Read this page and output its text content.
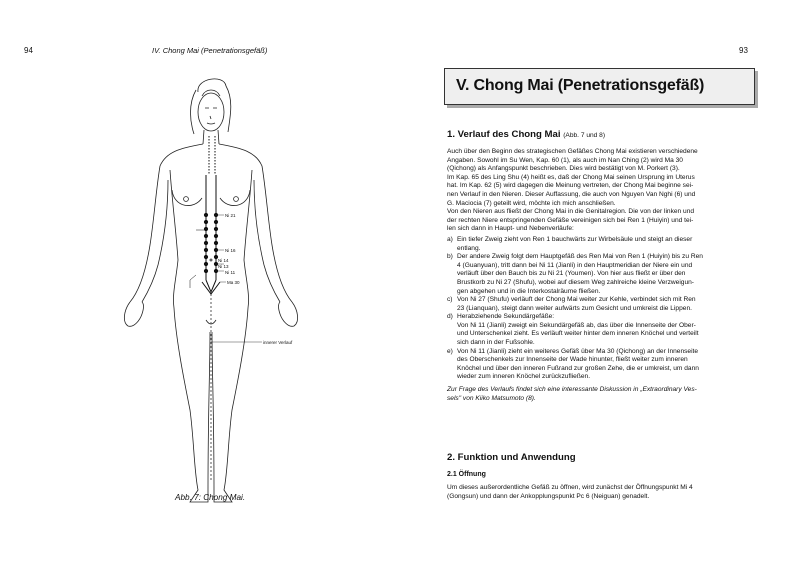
94	IV. Chong Mai (Penetrationsgefäß)
Ni 21
Ni 16
Ni 14
Ni 13
Ni 11
Ma 30
innerer Verlauf
Abb. 7: Chong Mai.
93
V. Chong Mai (Penetrationsgefäß)
1. Verlauf des Chong Mai (Abb. 7 und 8)

Auch über den Beginn des strategischen Gefäßes Chong Mai existieren verschiedene

Angaben. Sowohl im Su Wen, Kap. 60 (1), als auch im Nan Ching (2) wird Ma 30

(Qichong) als Anfangspunkt beschrieben. Dies wird bestätigt von M. Porkert (3).

Im Kap. 65 des Ling Shu (4) heißt es, daß der Chong Mai seinen Ursprung im Uterus

hat. Im Kap. 62 (5) wird dagegen die Meinung vertreten, der Chong Mai beginne sei-

nen Verlauf in den Nieren. Dieser Auffassung, die auch von Nguyen Van Nghi (6) und

G. Maciocia (7) geteilt wird, möchte ich mich anschließen.

Von den Nieren aus fließt der Chong Mai in die Genitalregion. Die von der linken und

der rechten Niere entspringenden Gefäße vereinigen sich bei Ren 1 (Huiyin) und tei-

len sich dann in Haupt- und Nebenverläufe:

a) Ein tiefer Zweig zieht von Ren 1 bauchwärts zur Wirbelsäule und steigt an dieser

entlang.

b) Der andere Zweig folgt dem Hauptgefäß des Ren Mai von Ren 1 (Huiyin) bis zu Ren

4 (Guanyuan), tritt dann bei Ni 11 (Jianli) in den Hauptmeridian der Niere ein und

verläuft über den Bauch bis zu Ni 21 (Youmen). Von hier aus fließt er über den

Brustkorb zu Ni 27 (Shufu), wobei auf diesem Weg zahlreiche kleine Verzweigun-

gen abgehen und in die Interkostalräume fließen.

c) Von Ni 27 (Shufu) verläuft der Chong Mai weiter zur Kehle, verbindet sich mit Ren

23 (Lianquan), steigt dann weiter aufwärts zum Gesicht und umkreist die Lippen.

d) Herabziehende Sekundärgefäße:

Von Ni 11 (Jianli) zweigt ein Sekundärgefäß ab, das über die Innenseite der Ober-

und Unterschenkel zieht. Es verläuft weiter hinter dem inneren Knöchel und verteilt

sich dann in der Fußsohle.

e) Von Ni 11 (Jianli) zieht ein weiteres Gefäß über Ma 30 (Qichong) an der Innenseite

des Oberschenkels zur Innenseite der Wade hinunter, fließt weiter zum inneren

Knöchel und über den inneren Fußrand zur großen Zehe, die er umkreist, um dann

wieder zum inneren Knöchel zurückzufließen.

Zur Frage des Verlaufs findet sich eine interessante Diskussion in „Extraordinary Ves-

sels" von Kiiko Matsumoto (8).

2. Funktion und Anwendung
2.1 Öffnung

Um dieses außerordentliche Gefäß zu öffnen, wird zunächst der Öffnungspunkt Mi 4

(Gongsun) und dann der Ankopplungspunkt Pc 6 (Neiguan) genadelt.
